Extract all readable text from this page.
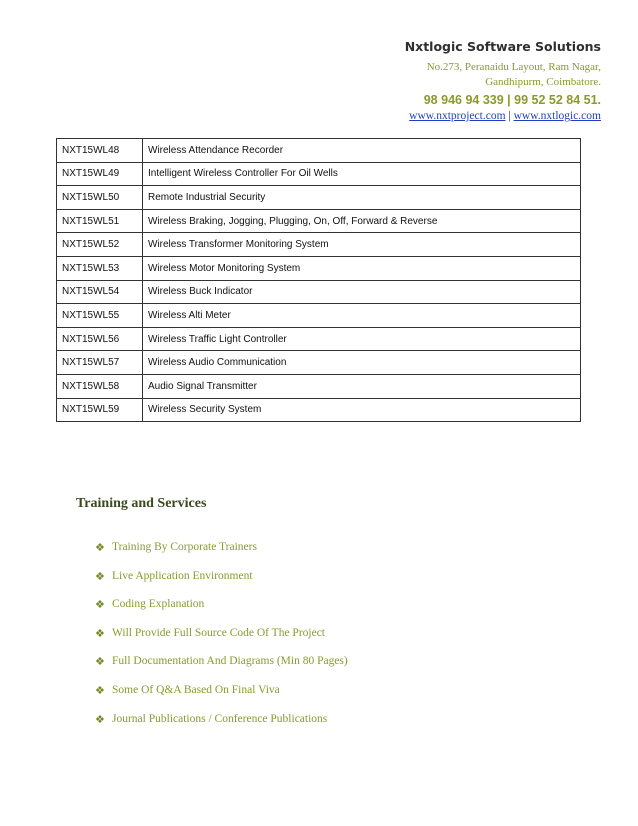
Nxtlogic Software Solutions
No.273, Peranaidu Layout, Ram Nagar,
Gandhipurm, Coimbatore.
98 946 94 339 | 99 52 52 84 51.
www.nxtproject.com | www.nxtlogic.com
NXT15WL48	Wireless Attendance Recorder
NXT15WL49	Intelligent Wireless Controller For Oil Wells
NXT15WL50	Remote Industrial Security
NXT15WL51	Wireless Braking, Jogging, Plugging, On, Off, Forward & Reverse
NXT15WL52	Wireless Transformer Monitoring System
NXT15WL53	Wireless Motor Monitoring System
NXT15WL54	Wireless Buck Indicator
NXT15WL55	Wireless Alti Meter
NXT15WL56	Wireless Traffic Light Controller
NXT15WL57	Wireless Audio Communication
NXT15WL58	Audio Signal Transmitter
NXT15WL59	Wireless Security System
Training and Services
❖ Training By Corporate Trainers
❖ Live Application Environment
❖ Coding Explanation
❖ Will Provide Full Source Code Of The Project
❖ Full Documentation And Diagrams (Min 80 Pages)
❖ Some Of Q&A Based On Final Viva
❖ Journal Publications / Conference Publications
